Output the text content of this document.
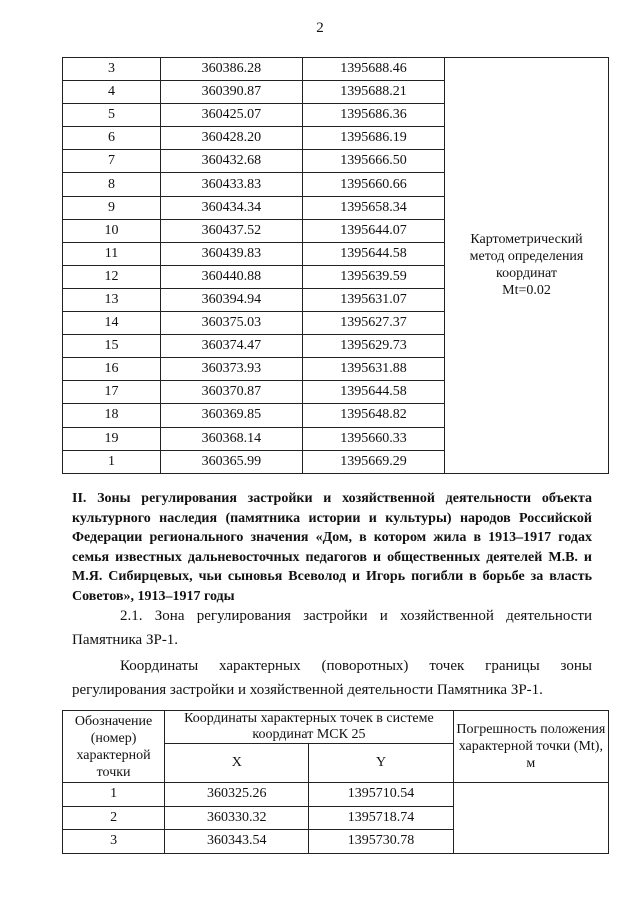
2
3	360386.28	1395688.46	Картометрический
метод определения
координат
Mt=0.02

4	360390.87	1395688.21	
5	360425.07	1395686.36	
6	360428.20	1395686.19	
7	360432.68	1395666.50	
8	360433.83	1395660.66	
9	360434.34	1395658.34	
10	360437.52	1395644.07	
11	360439.83	1395644.58	
12	360440.88	1395639.59	
13	360394.94	1395631.07	
14	360375.03	1395627.37	
15	360374.47	1395629.73	
16	360373.93	1395631.88	
17	360370.87	1395644.58	
18	360369.85	1395648.82	
19	360368.14	1395660.33	
1	360365.99	1395669.29	

II. Зоны регулирования застройки и хозяйственной деятельности объекта культурного наследия (памятника истории и культуры) народов Российской Федерации регионального значения «Дом, в котором жила в 1913–1917 годах семья известных дальневосточных педагогов и общественных деятелей М.В. и М.Я. Сибирцевых, чьи сыновья Всеволод и Игорь погибли в борьбе за власть Советов», 1913–1917 годы

2.1. Зона регулирования застройки и хозяйственной деятельности
Памятника ЗР-1.

Координаты характерных (поворотных) точек границы зоны
регулирования застройки и хозяйственной деятельности Памятника ЗР-1.

Обозначение (номер) характерной точки	Координаты характерных точек в системе координат МСК 25		Погрешность положения характерной точки (Mt), м
	X	Y	
1	360325.26	1395710.54	
2	360330.32	1395718.74	
3	360343.54	1395730.78	
